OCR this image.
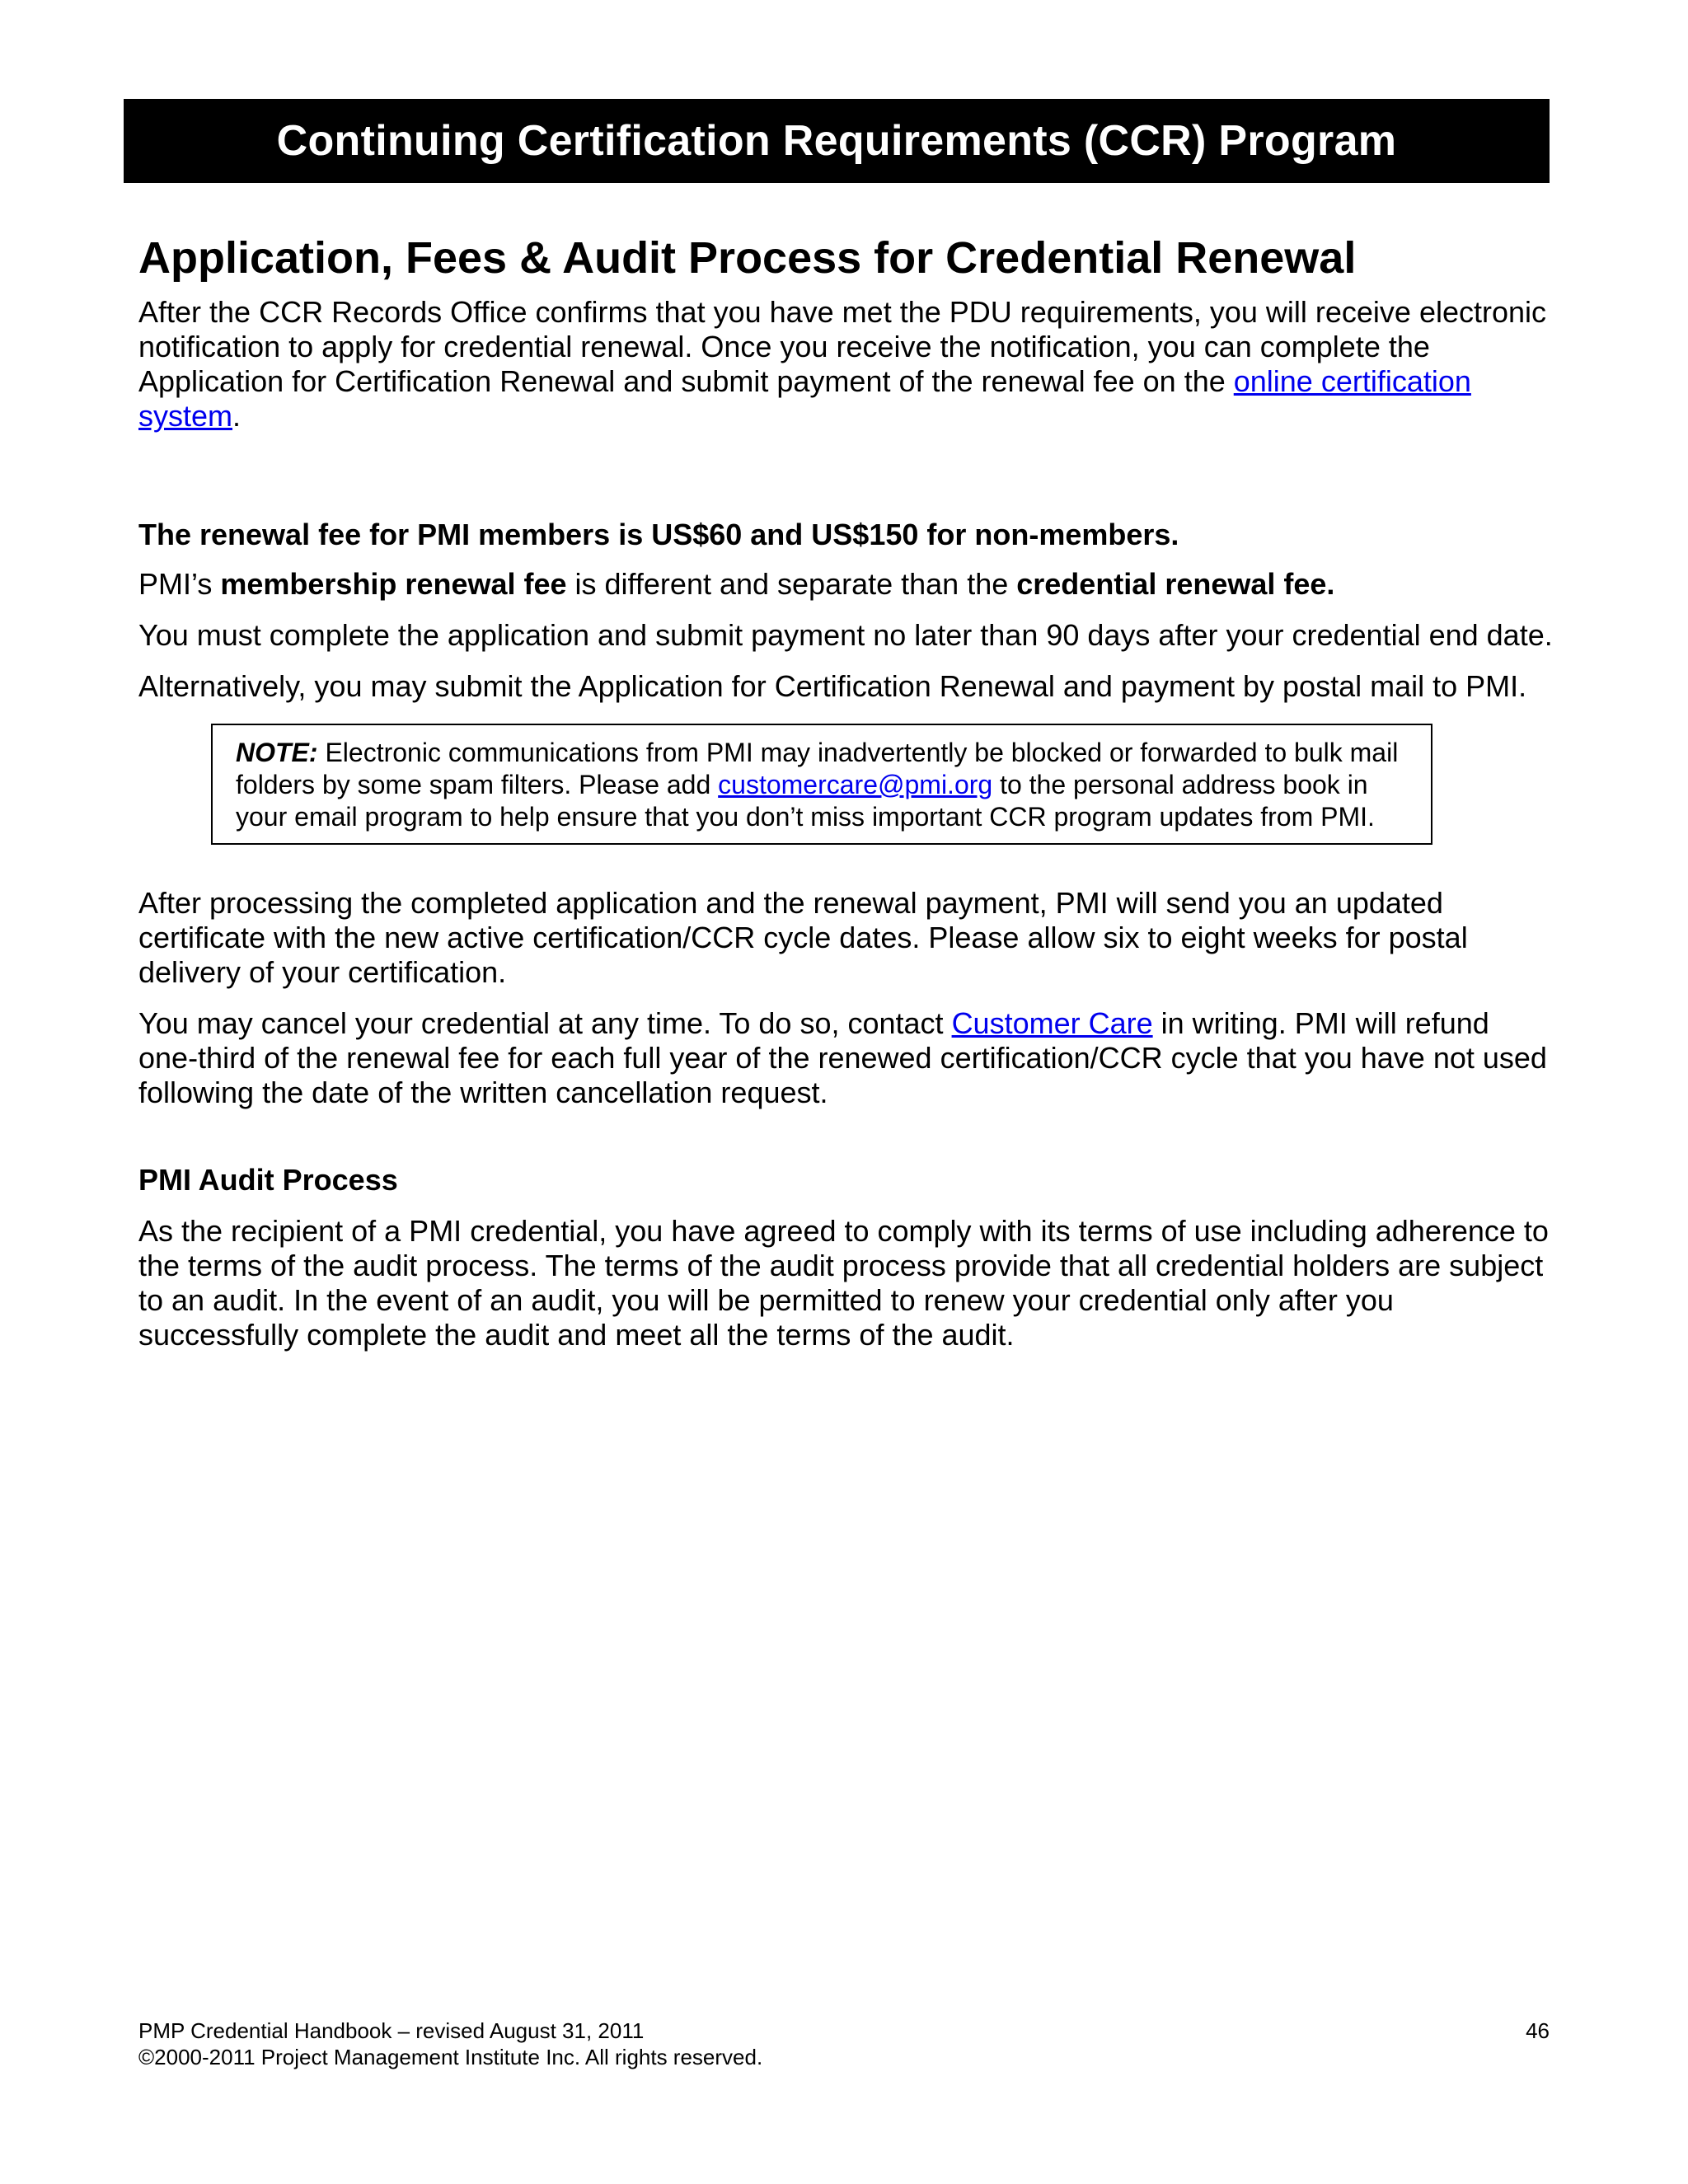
Continuing Certification Requirements (CCR) Program
Application, Fees & Audit Process for Credential Renewal

After the CCR Records Office confirms that you have met the PDU requirements, you will receive electronic notification to apply for credential renewal. Once you receive the notification, you can complete the Application for Certification Renewal and submit payment of the renewal fee on the online certification system.

The renewal fee for PMI members is US$60 and US$150 for non-members.

PMI’s membership renewal fee is different and separate than the credential renewal fee.

You must complete the application and submit payment no later than 90 days after your credential end date.

Alternatively, you may submit the Application for Certification Renewal and payment by postal mail to PMI.

NOTE: Electronic communications from PMI may inadvertently be blocked or forwarded to bulk mail folders by some spam filters. Please add customercare@pmi.org to the personal address book in your email program to help ensure that you don’t miss important CCR program updates from PMI.

After processing the completed application and the renewal payment, PMI will send you an updated certificate with the new active certification/CCR cycle dates. Please allow six to eight weeks for postal delivery of your certification.

You may cancel your credential at any time. To do so, contact Customer Care in writing. PMI will refund one-third of the renewal fee for each full year of the renewed certification/CCR cycle that you have not used following the date of the written cancellation request.

PMI Audit Process

As the recipient of a PMI credential, you have agreed to comply with its terms of use including adherence to the terms of the audit process. The terms of the audit process provide that all credential holders are subject to an audit. In the event of an audit, you will be permitted to renew your credential only after you successfully complete the audit and meet all the terms of the audit.

PMP Credential Handbook – revised August 31, 2011
©2000-2011 Project Management Institute Inc. All rights reserved.
46
